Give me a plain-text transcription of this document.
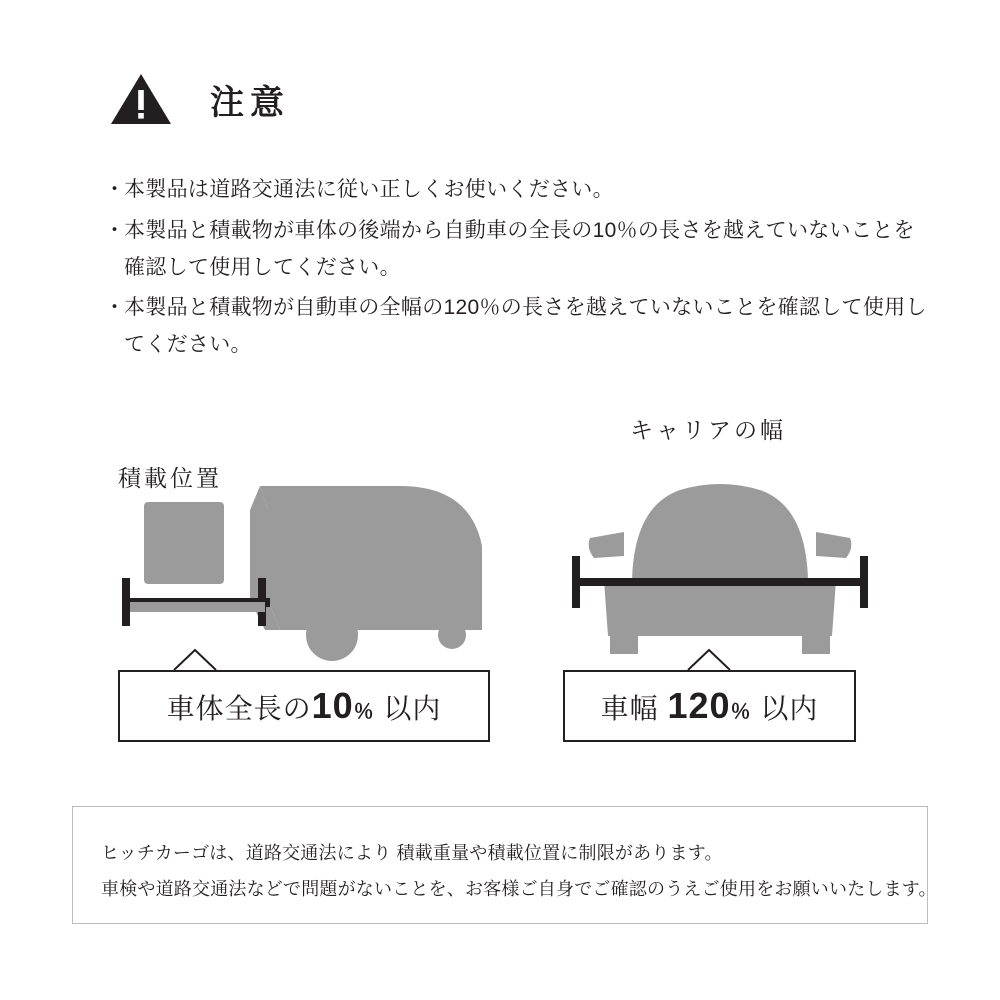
注意
・ 本製品は道路交通法に従い正しくお使いください。
・ 本製品と積載物が車体の後端から自動車の全長の10％の長さを越えていないことを確認して使用してください。
・ 本製品と積載物が自動車の全幅の120％の長さを越えていないことを確認して使用してください。
積載位置
キャリアの幅
車体全長の10％ 以内	車幅 120％ 以内
ヒッチカーゴは、道路交通法により 積載重量や積載位置に制限があります。
車検や道路交通法などで問題がないことを、お客様ご自身でご確認のうえご使用をお願いいたします。
